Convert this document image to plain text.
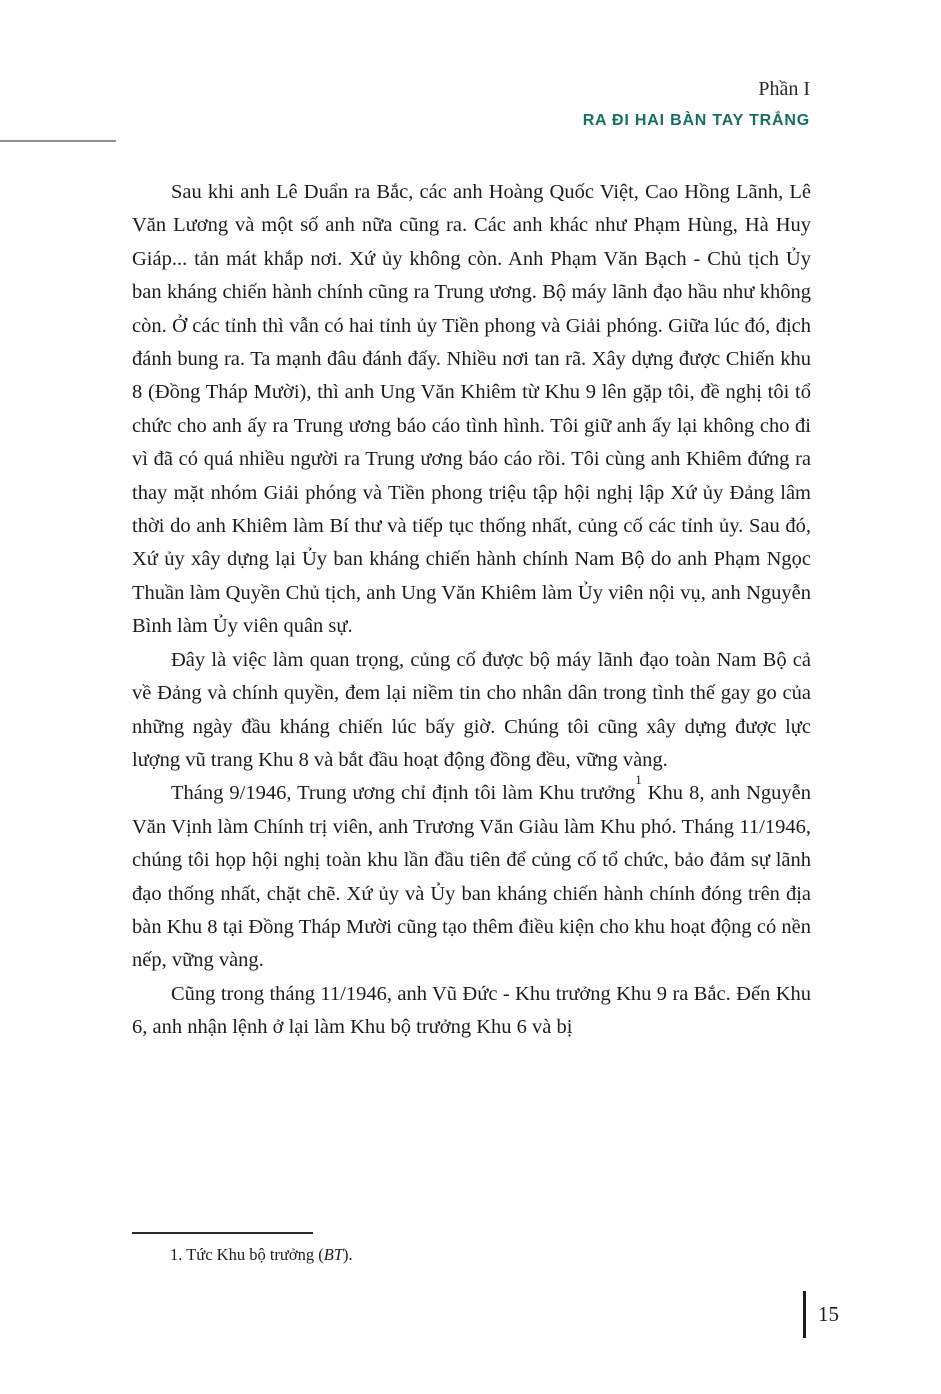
Phần I

RA ĐI HAI BÀN TAY TRẮNG

Sau khi anh Lê Duẩn ra Bắc, các anh Hoàng Quốc Việt, Cao Hồng Lãnh, Lê Văn Lương và một số anh nữa cũng ra. Các anh khác như Phạm Hùng, Hà Huy Giáp... tản mát khắp nơi. Xứ ủy không còn. Anh Phạm Văn Bạch - Chủ tịch Ủy ban kháng chiến hành chính cũng ra Trung ương. Bộ máy lãnh đạo hầu như không còn. Ở các tỉnh thì vẫn có hai tỉnh ủy Tiền phong và Giải phóng. Giữa lúc đó, địch đánh bung ra. Ta mạnh đâu đánh đấy. Nhiều nơi tan rã. Xây dựng được Chiến khu 8 (Đồng Tháp Mười), thì anh Ung Văn Khiêm từ Khu 9 lên gặp tôi, đề nghị tôi tổ chức cho anh ấy ra Trung ương báo cáo tình hình. Tôi giữ anh ấy lại không cho đi vì đã có quá nhiều người ra Trung ương báo cáo rồi. Tôi cùng anh Khiêm đứng ra thay mặt nhóm Giải phóng và Tiền phong triệu tập hội nghị lập Xứ ủy Đảng lâm thời do anh Khiêm làm Bí thư và tiếp tục thống nhất, củng cố các tỉnh ủy. Sau đó, Xứ ủy xây dựng lại Ủy ban kháng chiến hành chính Nam Bộ do anh Phạm Ngọc Thuần làm Quyền Chủ tịch, anh Ung Văn Khiêm làm Ủy viên nội vụ, anh Nguyễn Bình làm Ủy viên quân sự.

Đây là việc làm quan trọng, củng cố được bộ máy lãnh đạo toàn Nam Bộ cả về Đảng và chính quyền, đem lại niềm tin cho nhân dân trong tình thế gay go của những ngày đầu kháng chiến lúc bấy giờ. Chúng tôi cũng xây dựng được lực lượng vũ trang Khu 8 và bắt đầu hoạt động đồng đều, vững vàng.

Tháng 9/1946, Trung ương chỉ định tôi làm Khu trưởng$^1$ Khu 8, anh Nguyễn Văn Vịnh làm Chính trị viên, anh Trương Văn Giàu làm Khu phó. Tháng 11/1946, chúng tôi họp hội nghị toàn khu lần đầu tiên để củng cố tổ chức, bảo đảm sự lãnh đạo thống nhất, chặt chẽ. Xứ ủy và Ủy ban kháng chiến hành chính đóng trên địa bàn Khu 8 tại Đồng Tháp Mười cũng tạo thêm điều kiện cho khu hoạt động có nền nếp, vững vàng.

Cũng trong tháng 11/1946, anh Vũ Đức - Khu trưởng Khu 9 ra Bắc. Đến Khu 6, anh nhận lệnh ở lại làm Khu bộ trưởng Khu 6 và bị

1. Tức Khu bộ trưởng (BT).
15
